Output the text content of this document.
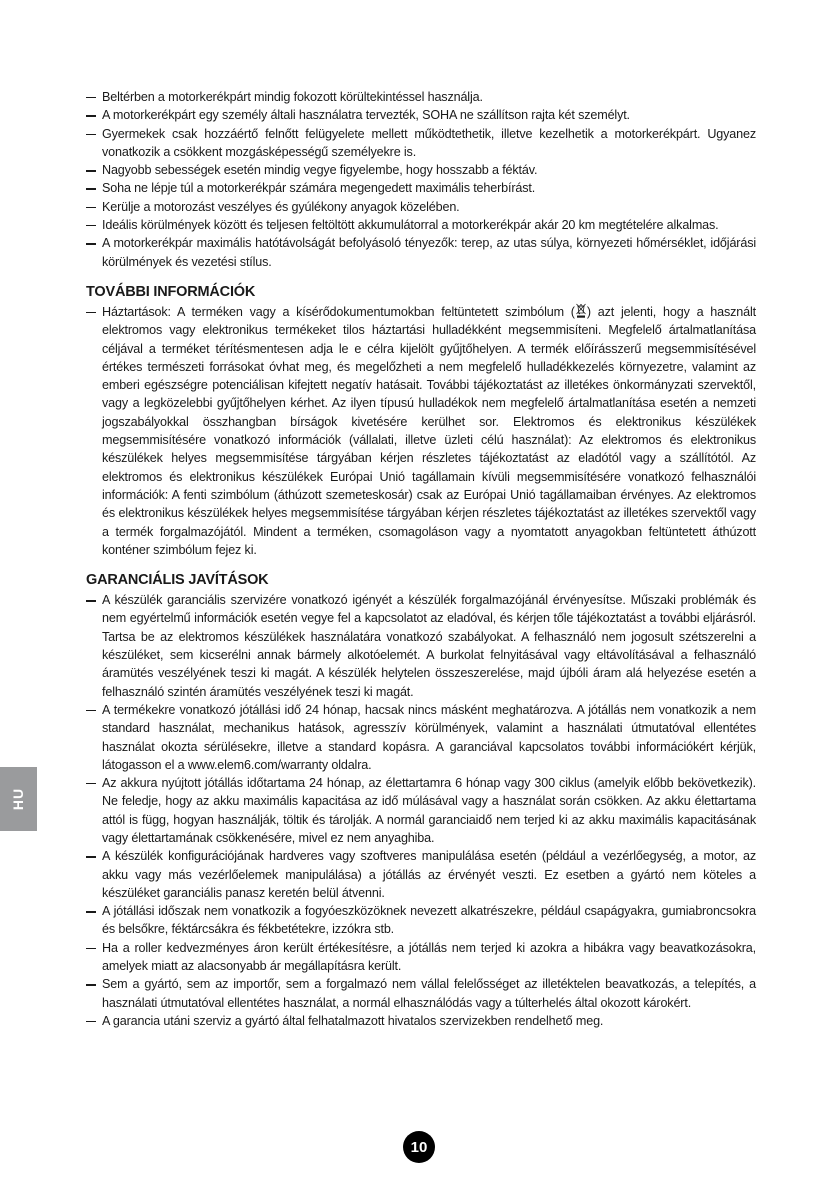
Beltérben a motorkerékpárt mindig fokozott körültekintéssel használja.
A motorkerékpárt egy személy általi használatra tervezték, SOHA ne szállítson rajta két személyt.
Gyermekek csak hozzáértő felnőtt felügyelete mellett működtethetik, illetve kezelhetik a motorkerékpárt. Ugyanez vonatkozik a csökkent mozgásképességű személyekre is.
Nagyobb sebességek esetén mindig vegye figyelembe, hogy hosszabb a féktáv.
Soha ne lépje túl a motorkerékpár számára megengedett maximális teherbírást.
Kerülje a motorozást veszélyes és gyúlékony anyagok közelében.
Ideális körülmények között és teljesen feltöltött akkumulátorral a motorkerékpár akár 20 km megtételére alkalmas.
A motorkerékpár maximális hatótávolságát befolyásoló tényezők: terep, az utas súlya, környezeti hőmérséklet, időjárási körülmények és vezetési stílus.
TOVÁBBI INFORMÁCIÓK
Háztartások: A terméken vagy a kísérődokumentumokban feltüntetett szimbólum ( ) azt jelenti, hogy a használt elektromos vagy elektronikus termékeket tilos háztartási hulladékként megsemmisíteni. Megfelelő ártalmatlanítása céljával a terméket térítésmentesen adja le e célra kijelölt gyűjtőhelyen. A termék előírásszerű megsemmisítésével értékes természeti forrásokat óvhat meg, és megelőzheti a nem megfelelő hulladékkezelés környezetre, valamint az emberi egészségre potenciálisan kifejtett negatív hatásait. További tájékoztatást az illetékes önkormányzati szervektől, vagy a legközelebbi gyűjtőhelyen kérhet. Az ilyen típusú hulladékok nem megfelelő ártalmatlanítása esetén a nemzeti jogszabályokkal összhangban bírságok kivetésére kerülhet sor. Elektromos és elektronikus készülékek megsemmisítésére vonatkozó információk (vállalati, illetve üzleti célú használat): Az elektromos és elektronikus készülékek helyes megsemmisítése tárgyában kérjen részletes tájékoztatást az eladótól vagy a szállítótól. Az elektromos és elektronikus készülékek Európai Unió tagállamain kívüli megsemmisítésére vonatkozó felhasználói információk: A fenti szimbólum (áthúzott szemeteskosár) csak az Európai Unió tagállamaiban érvényes. Az elektromos és elektronikus készülékek helyes megsemmisítése tárgyában kérjen részletes tájékoztatást az illetékes szervektől vagy a termék forgalmazójától. Mindent a terméken, csomagoláson vagy a nyomtatott anyagokban feltüntetett áthúzott konténer szimbólum fejez ki.
GARANCIÁLIS JAVÍTÁSOK
A készülék garanciális szervizére vonatkozó igényét a készülék forgalmazójánál érvényesítse. Műszaki problémák és nem egyértelmű információk esetén vegye fel a kapcsolatot az eladóval, és kérjen tőle tájékoztatást a további eljárásról. Tartsa be az elektromos készülékek használatára vonatkozó szabályokat. A felhasználó nem jogosult szétszerelni a készüléket, sem kicserélni annak bármely alkotóelemét. A burkolat felnyitásával vagy eltávolításával a felhasználó áramütés veszélyének teszi ki magát. A készülék helytelen összeszerelése, majd újbóli áram alá helyezése esetén a felhasználó szintén áramütés veszélyének teszi ki magát.
A termékekre vonatkozó jótállási idő 24 hónap, hacsak nincs másként meghatározva. A jótállás nem vonatkozik a nem standard használat, mechanikus hatások, agresszív körülmények, valamint a használati útmutatóval ellentétes használat okozta sérülésekre, illetve a standard kopásra. A garanciával kapcsolatos további információkért kérjük, látogasson el a www.elem6.com/warranty oldalra.
Az akkura nyújtott jótállás időtartama 24 hónap, az élettartamra 6 hónap vagy 300 ciklus (amelyik előbb bekövetkezik). Ne feledje, hogy az akku maximális kapacitása az idő múlásával vagy a használat során csökken. Az akku élettartama attól is függ, hogyan használják, töltik és tárolják. A normál garanciaidő nem terjed ki az akku maximális kapacitásának vagy élettartamának csökkenésére, mivel ez nem anyaghiba.
A készülék konfigurációjának hardveres vagy szoftveres manipulálása esetén (például a vezérlőegység, a motor, az akku vagy más vezérlőelemek manipulálása) a jótállás az érvényét veszti. Ez esetben a gyártó nem köteles a készüléket garanciális panasz keretén belül átvenni.
A jótállási időszak nem vonatkozik a fogyóeszközöknek nevezett alkatrészekre, például csapágyakra, gumiabroncsokra és belsőkre, féktárcsákra és fékbetétekre, izzókra stb.
Ha a roller kedvezményes áron került értékesítésre, a jótállás nem terjed ki azokra a hibákra vagy beavatkozásokra, amelyek miatt az alacsonyabb ár megállapításra került.
Sem a gyártó, sem az importőr, sem a forgalmazó nem vállal felelősséget az illetéktelen beavatkozás, a telepítés, a használati útmutatóval ellentétes használat, a normál elhasználódás vagy a túlterhelés által okozott károkért.
A garancia utáni szerviz a gyártó által felhatalmazott hivatalos szervizekben rendelhető meg.
HU
10
